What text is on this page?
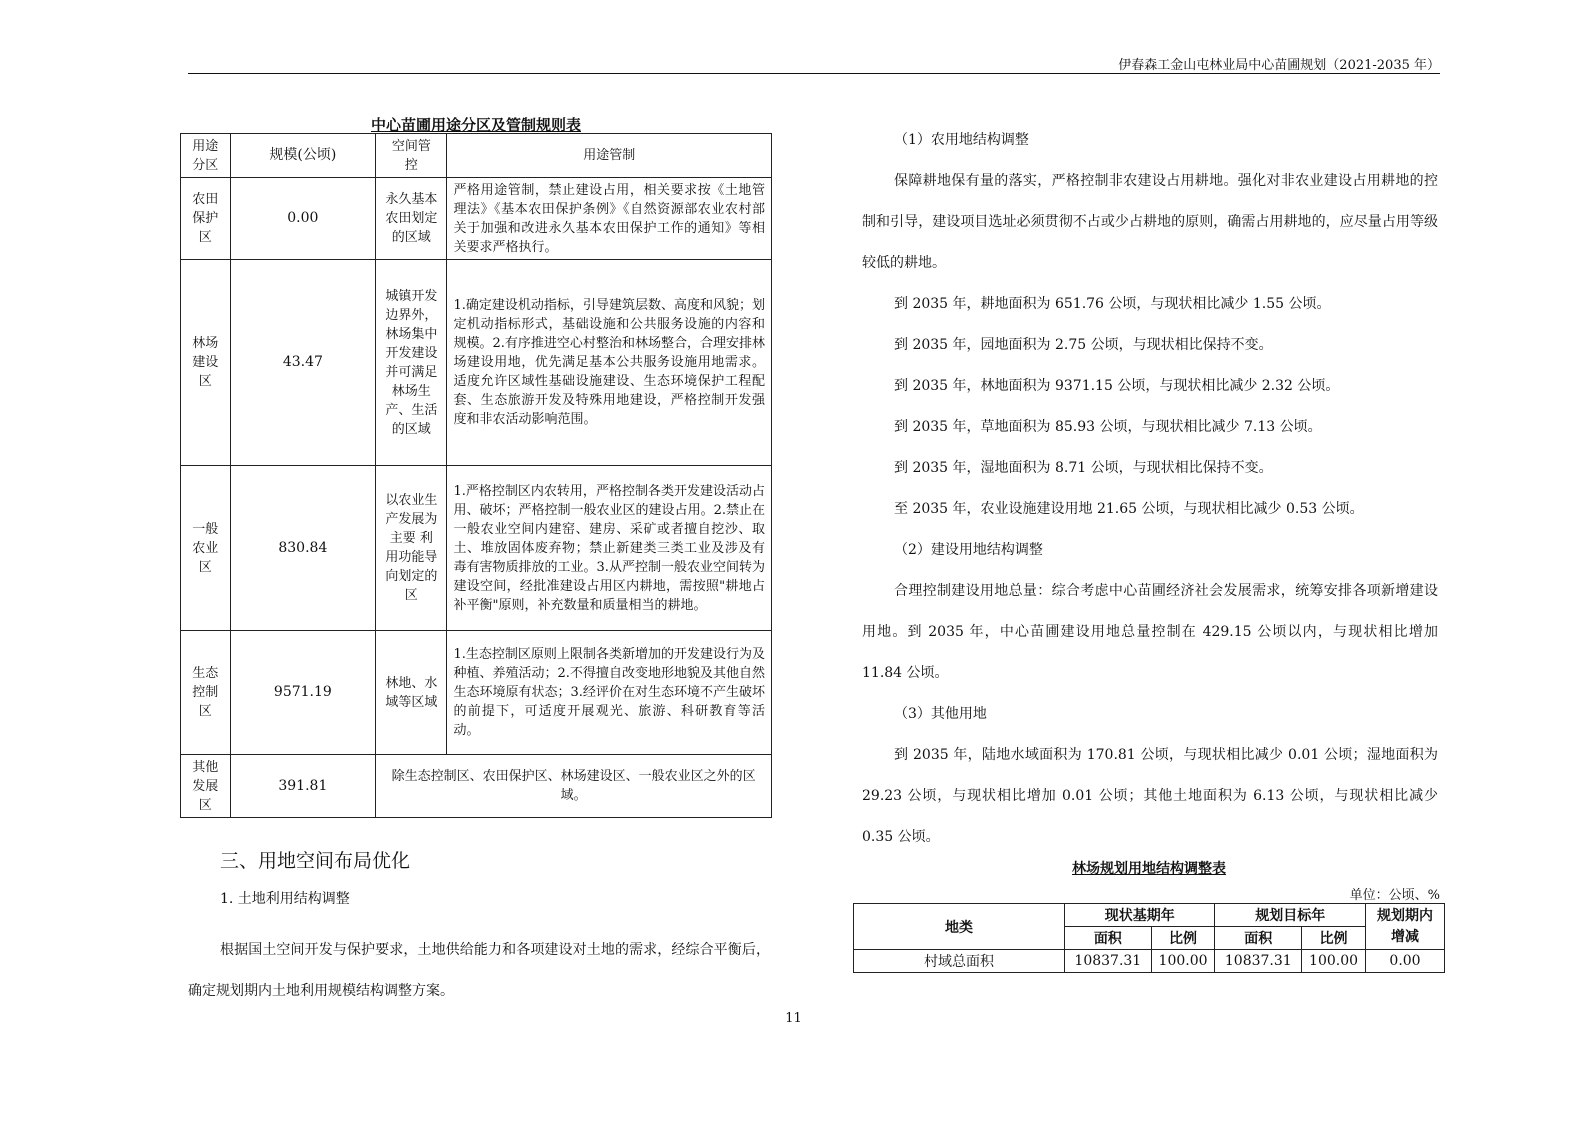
伊春森工金山屯林业局中心苗圃规划（2021-2035 年）
中心苗圃用途分区及管制规则表
用途分区	规模(公顷)	空间管控	用途管制

农田保护区	0.00	永久基本农田划定的区域	严格用途管制，禁止建设占用，相关要求按《土地管理法》《基本农田保护条例》《自然资源部农业农村部关于加强和改进永久基本农田保护工作的通知》等相关要求严格执行。

林场建设区	43.47	城镇开发边界外，林场集中开发建设并可满足林场生产、生活的区域	1.确定建设机动指标，引导建筑层数、高度和风貌；划定机动指标形式，基础设施和公共服务设施的内容和规模。2.有序推进空心村整治和林场整合，合理安排林场建设用地，优先满足基本公共服务设施用地需求。适度允许区域性基础设施建设、生态环境保护工程配套、生态旅游开发及特殊用地建设，严格控制开发强度和非农活动影响范围。

一般农业区	830.84	以农业生产发展为主要 利用功能导向划定的区	1.严格控制区内农转用，严格控制各类开发建设活动占用、破坏；严格控制一般农业区的建设占用。2.禁止在一般农业空间内建窑、建房、采矿或者擅自挖沙、取土、堆放固体废弃物；禁止新建类三类工业及涉及有毒有害物质排放的工业。3.从严控制一般农业空间转为建设空间，经批准建设占用区内耕地，需按照"耕地占补平衡"原则，补充数量和质量相当的耕地。

生态控制区	9571.19	林地、水域等区域	1.生态控制区原则上限制各类新增加的开发建设行为及种植、养殖活动；2.不得擅自改变地形地貌及其他自然生态环境原有状态；3.经评价在对生态环境不产生破坏的前提下，可适度开展观光、旅游、科研教育等活动。

其他发展区	391.81	除生态控制区、农田保护区、林场建设区、一般农业区之外的区域。	
三、用地空间布局优化
1. 土地利用结构调整
根据国土空间开发与保护要求，土地供给能力和各项建设对土地的需求，经综合平衡后，确定规划期内土地利用规模结构调整方案。
（1）农用地结构调整

保障耕地保有量的落实，严格控制非农建设占用耕地。强化对非农业建设占用耕地的控制和引导，建设项目选址必须贯彻不占或少占耕地的原则，确需占用耕地的，应尽量占用等级较低的耕地。

到 2035 年，耕地面积为 651.76 公顷，与现状相比减少 1.55 公顷。

到 2035 年，园地面积为 2.75 公顷，与现状相比保持不变。

到 2035 年，林地面积为 9371.15 公顷，与现状相比减少 2.32 公顷。

到 2035 年，草地面积为 85.93 公顷，与现状相比减少 7.13 公顷。

到 2035 年，湿地面积为 8.71 公顷，与现状相比保持不变。

至 2035 年，农业设施建设用地 21.65 公顷，与现状相比减少 0.53 公顷。

（2）建设用地结构调整

合理控制建设用地总量：综合考虑中心苗圃经济社会发展需求，统筹安排各项新增建设用地。到 2035 年，中心苗圃建设用地总量控制在 429.15 公顷以内，与现状相比增加 11.84 公顷。

（3）其他用地

到 2035 年，陆地水域面积为 170.81 公顷，与现状相比减少 0.01 公顷；湿地面积为 29.23 公顷，与现状相比增加 0.01 公顷；其他土地面积为 6.13 公顷，与现状相比减少 0.35 公顷。

林场规划用地结构调整表
单位：公顷、%
地类	现状基期年		规划目标年		规划期内增减

	面积	比例	面积	比例	
村域总面积	10837.31	100.00	10837.31	100.00	0.00
11
